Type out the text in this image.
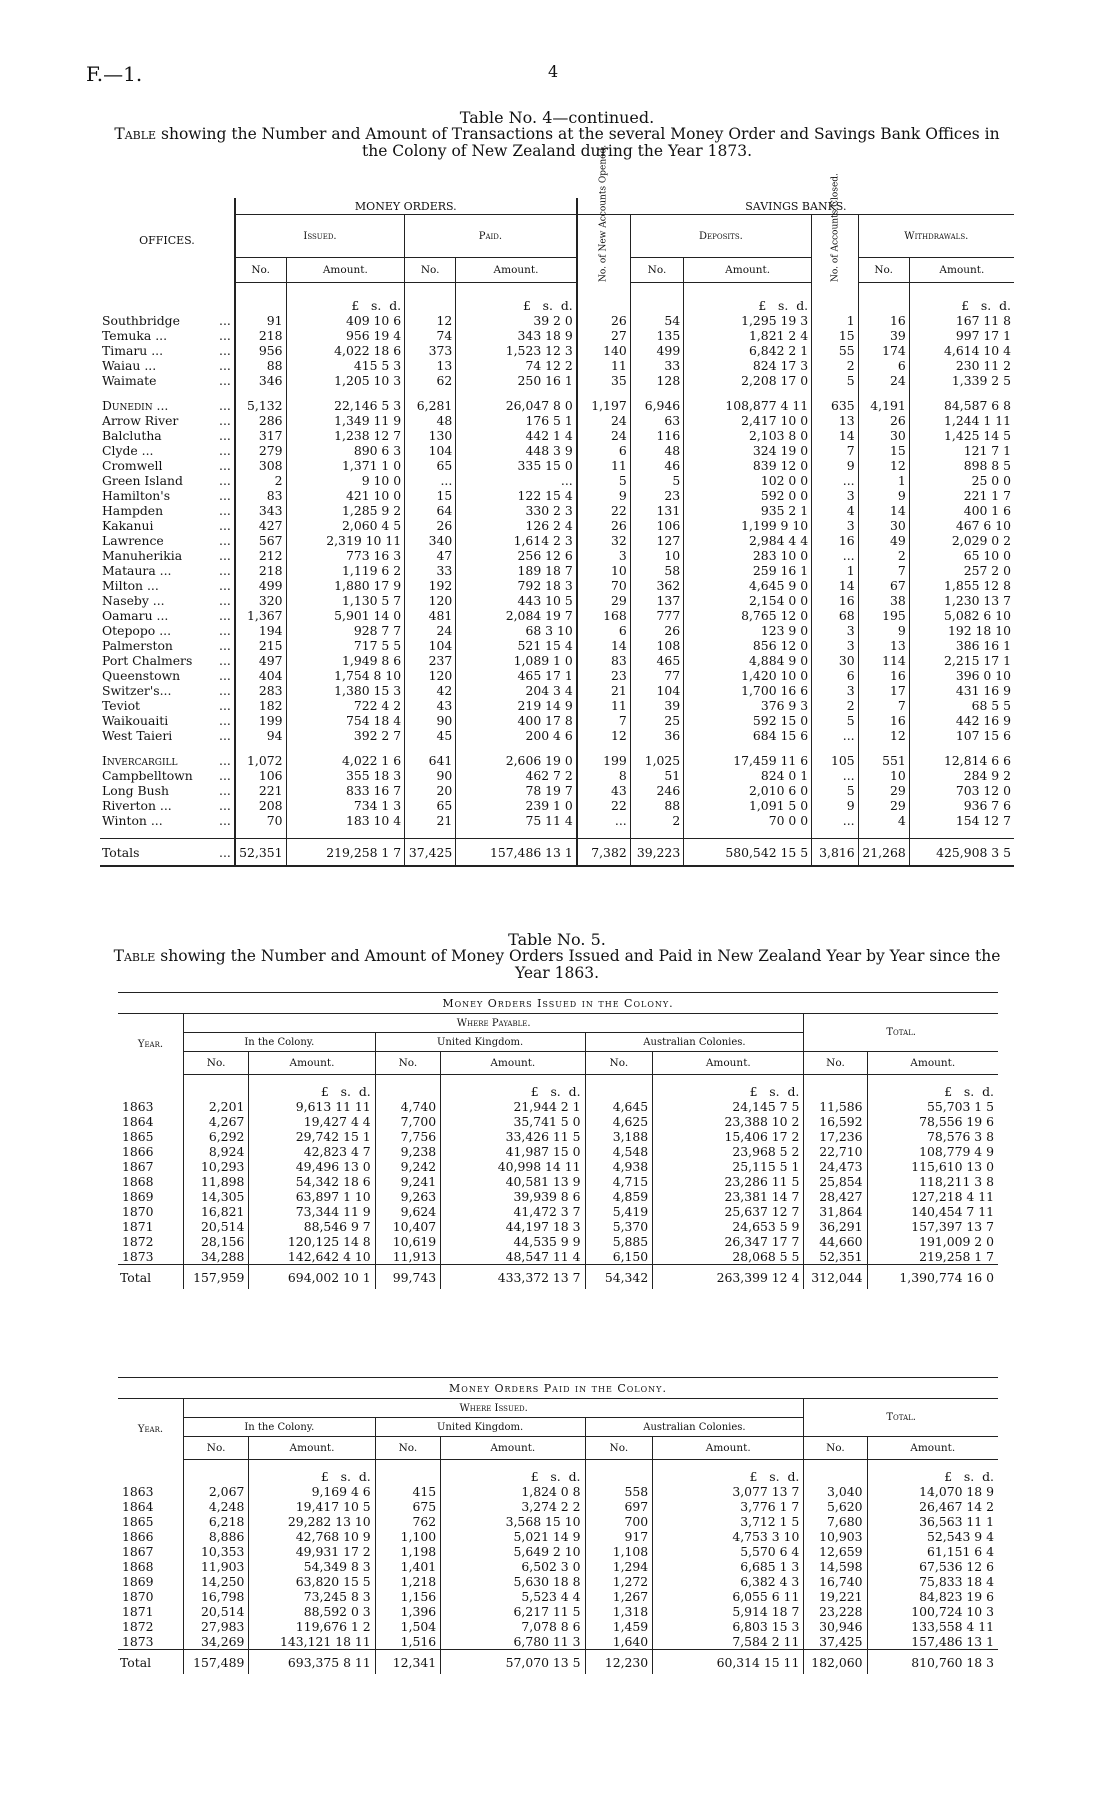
F.—1.	4
Table No. 4—continued.
Table showing the Number and Amount of Transactions at the several Money Order and Savings Bank Offices in the Colony of New Zealand during the Year 1873.
OFFICES.		MONEY ORDERS.				SAVINGS BANKS.					
		Issued.		Paid.		No. of New Accounts Opened.	Deposits.		No. of Accounts Closed.	Withdrawals.	
		No.	Amount.	No.	Amount.		No.	Amount.		No.	Amount.
			£ s. d.		£ s. d.			£ s. d.			£ s. d.
Southbridge	...	91	409 10 6	12	39 2 0	26	54	1,295 19 3	1	16	167 11 8
Temuka ...	...	218	956 19 4	74	343 18 9	27	135	1,821 2 4	15	39	997 17 1
Timaru ...	...	956	4,022 18 6	373	1,523 12 3	140	499	6,842 2 1	55	174	4,614 10 4
Waiau ...	...	88	415 5 3	13	74 12 2	11	33	824 17 3	2	6	230 11 2
Waimate	...	346	1,205 10 3	62	250 16 1	35	128	2,208 17 0	5	24	1,339 2 5

Dunedin ...	...	5,132	22,146 5 3	6,281	26,047 8 0	1,197	6,946	108,877 4 11	635	4,191	84,587 6 8
Arrow River	...	286	1,349 11 9	48	176 5 1	24	63	2,417 10 0	13	26	1,244 1 11
Balclutha	...	317	1,238 12 7	130	442 1 4	24	116	2,103 8 0	14	30	1,425 14 5
Clyde ...	...	279	890 6 3	104	448 3 9	6	48	324 19 0	7	15	121 7 1
Cromwell	...	308	1,371 1 0	65	335 15 0	11	46	839 12 0	9	12	898 8 5
Green Island	...	2	9 10 0	...	...	5	5	102 0 0	...	1	25 0 0
Hamilton's	...	83	421 10 0	15	122 15 4	9	23	592 0 0	3	9	221 1 7
Hampden	...	343	1,285 9 2	64	330 2 3	22	131	935 2 1	4	14	400 1 6
Kakanui	...	427	2,060 4 5	26	126 2 4	26	106	1,199 9 10	3	30	467 6 10
Lawrence	...	567	2,319 10 11	340	1,614 2 3	32	127	2,984 4 4	16	49	2,029 0 2
Manuherikia	...	212	773 16 3	47	256 12 6	3	10	283 10 0	...	2	65 10 0
Mataura ...	...	218	1,119 6 2	33	189 18 7	10	58	259 16 1	1	7	257 2 0
Milton ...	...	499	1,880 17 9	192	792 18 3	70	362	4,645 9 0	14	67	1,855 12 8
Naseby ...	...	320	1,130 5 7	120	443 10 5	29	137	2,154 0 0	16	38	1,230 13 7
Oamaru ...	...	1,367	5,901 14 0	481	2,084 19 7	168	777	8,765 12 0	68	195	5,082 6 10
Otepopo ...	...	194	928 7 7	24	68 3 10	6	26	123 9 0	3	9	192 18 10
Palmerston	...	215	717 5 5	104	521 15 4	14	108	856 12 0	3	13	386 16 1
Port Chalmers	...	497	1,949 8 6	237	1,089 1 0	83	465	4,884 9 0	30	114	2,215 17 1
Queenstown	...	404	1,754 8 10	120	465 17 1	23	77	1,420 10 0	6	16	396 0 10
Switzer's...	...	283	1,380 15 3	42	204 3 4	21	104	1,700 16 6	3	17	431 16 9
Teviot	...	182	722 4 2	43	219 14 9	11	39	376 9 3	2	7	68 5 5
Waikouaiti	...	199	754 18 4	90	400 17 8	7	25	592 15 0	5	16	442 16 9
West Taieri	...	94	392 2 7	45	200 4 6	12	36	684 15 6	...	12	107 15 6

Invercargill	...	1,072	4,022 1 6	641	2,606 19 0	199	1,025	17,459 11 6	105	551	12,814 6 6
Campbelltown	...	106	355 18 3	90	462 7 2	8	51	824 0 1	...	10	284 9 2
Long Bush	...	221	833 16 7	20	78 19 7	43	246	2,010 6 0	5	29	703 12 0
Riverton ...	...	208	734 1 3	65	239 1 0	22	88	1,091 5 0	9	29	936 7 6
Winton ...	...	70	183 10 4	21	75 11 4	...	2	70 0 0	...	4	154 12 7

Totals	...	52,351	219,258 1 7	37,425	157,486 13 1	7,382	39,223	580,542 15 5	3,816	21,268	425,908 3 5
Table No. 5.
Table showing the Number and Amount of Money Orders Issued and Paid in New Zealand Year by Year since the Year 1863.
Money Orders Issued in the Colony.								
Year.	Where Payable.						Total.	
	In the Colony.		United Kingdom.		Australian Colonies.			
	No.	Amount.	No.	Amount.	No.	Amount.	No.	Amount.
		£ s. d.		£ s. d.		£ s. d.		£ s. d.
1863	2,201	9,613 11 11	4,740	21,944 2 1	4,645	24,145 7 5	11,586	55,703 1 5
1864	4,267	19,427 4 4	7,700	35,741 5 0	4,625	23,388 10 2	16,592	78,556 19 6
1865	6,292	29,742 15 1	7,756	33,426 11 5	3,188	15,406 17 2	17,236	78,576 3 8
1866	8,924	42,823 4 7	9,238	41,987 15 0	4,548	23,968 5 2	22,710	108,779 4 9
1867	10,293	49,496 13 0	9,242	40,998 14 11	4,938	25,115 5 1	24,473	115,610 13 0
1868	11,898	54,342 18 6	9,241	40,581 13 9	4,715	23,286 11 5	25,854	118,211 3 8
1869	14,305	63,897 1 10	9,263	39,939 8 6	4,859	23,381 14 7	28,427	127,218 4 11
1870	16,821	73,344 11 9	9,624	41,472 3 7	5,419	25,637 12 7	31,864	140,454 7 11
1871	20,514	88,546 9 7	10,407	44,197 18 3	5,370	24,653 5 9	36,291	157,397 13 7
1872	28,156	120,125 14 8	10,619	44,535 9 9	5,885	26,347 17 7	44,660	191,009 2 0
1873	34,288	142,642 4 10	11,913	48,547 11 4	6,150	28,068 5 5	52,351	219,258 1 7
Total	157,959	694,002 10 1	99,743	433,372 13 7	54,342	263,399 12 4	312,044	1,390,774 16 0
Money Orders Paid in the Colony.								
Year.	Where Issued.						Total.	
	In the Colony.		United Kingdom.		Australian Colonies.			
	No.	Amount.	No.	Amount.	No.	Amount.	No.	Amount.
		£ s. d.		£ s. d.		£ s. d.		£ s. d.
1863	2,067	9,169 4 6	415	1,824 0 8	558	3,077 13 7	3,040	14,070 18 9
1864	4,248	19,417 10 5	675	3,274 2 2	697	3,776 1 7	5,620	26,467 14 2
1865	6,218	29,282 13 10	762	3,568 15 10	700	3,712 1 5	7,680	36,563 11 1
1866	8,886	42,768 10 9	1,100	5,021 14 9	917	4,753 3 10	10,903	52,543 9 4
1867	10,353	49,931 17 2	1,198	5,649 2 10	1,108	5,570 6 4	12,659	61,151 6 4
1868	11,903	54,349 8 3	1,401	6,502 3 0	1,294	6,685 1 3	14,598	67,536 12 6
1869	14,250	63,820 15 5	1,218	5,630 18 8	1,272	6,382 4 3	16,740	75,833 18 4
1870	16,798	73,245 8 3	1,156	5,523 4 4	1,267	6,055 6 11	19,221	84,823 19 6
1871	20,514	88,592 0 3	1,396	6,217 11 5	1,318	5,914 18 7	23,228	100,724 10 3
1872	27,983	119,676 1 2	1,504	7,078 8 6	1,459	6,803 15 3	30,946	133,558 4 11
1873	34,269	143,121 18 11	1,516	6,780 11 3	1,640	7,584 2 11	37,425	157,486 13 1
Total	157,489	693,375 8 11	12,341	57,070 13 5	12,230	60,314 15 11	182,060	810,760 18 3
